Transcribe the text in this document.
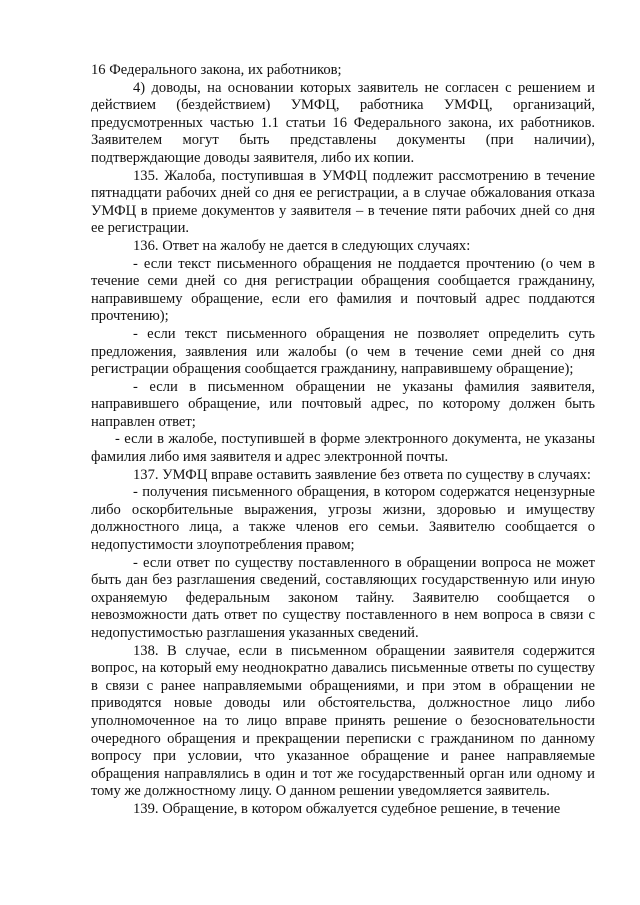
16 Федерального закона, их работников;

4) доводы, на основании которых заявитель не согласен с решением и действием (бездействием) УМФЦ, работника УМФЦ, организаций, предусмотренных частью 1.1 статьи 16 Федерального закона, их работников. Заявителем могут быть представлены документы (при наличии), подтверждающие доводы заявителя, либо их копии.

135. Жалоба, поступившая в УМФЦ подлежит рассмотрению в течение пятнадцати рабочих дней со дня ее регистрации, а в случае обжалования отказа УМФЦ в приеме документов у заявителя – в течение пяти рабочих дней со дня ее регистрации.

136. Ответ на жалобу не дается в следующих случаях:

- если текст письменного обращения не поддается прочтению (о чем в течение семи дней со дня регистрации обращения сообщается гражданину, направившему обращение, если его фамилия и почтовый адрес поддаются прочтению);

- если текст письменного обращения не позволяет определить суть предложения, заявления или жалобы (о чем в течение семи дней со дня регистрации обращения сообщается гражданину, направившему обращение);

- если в письменном обращении не указаны фамилия заявителя, направившего обращение, или почтовый адрес, по которому должен быть направлен ответ;

- если в жалобе, поступившей в форме электронного документа, не указаны фамилия либо имя заявителя и адрес электронной почты.

137. УМФЦ вправе оставить заявление без ответа по существу в случаях:

- получения письменного обращения, в котором содержатся нецензурные либо оскорбительные выражения, угрозы жизни, здоровью и имуществу должностного лица, а также членов его семьи. Заявителю сообщается о недопустимости злоупотребления правом;

- если ответ по существу поставленного в обращении вопроса не может быть дан без разглашения сведений, составляющих государственную или иную охраняемую федеральным законом тайну. Заявителю сообщается о невозможности дать ответ по существу поставленного в нем вопроса в связи с недопустимостью разглашения указанных сведений.

138. В случае, если в письменном обращении заявителя содержится вопрос, на который ему неоднократно давались письменные ответы по существу в связи с ранее направляемыми обращениями, и при этом в обращении не приводятся новые доводы или обстоятельства, должностное лицо либо уполномоченное на то лицо вправе принять решение о безосновательности очередного обращения и прекращении переписки с гражданином по данному вопросу при условии, что указанное обращение и ранее направляемые обращения направлялись в один и тот же государственный орган или одному и тому же должностному лицу. О данном решении уведомляется заявитель.

139. Обращение, в котором обжалуется судебное решение, в течение
